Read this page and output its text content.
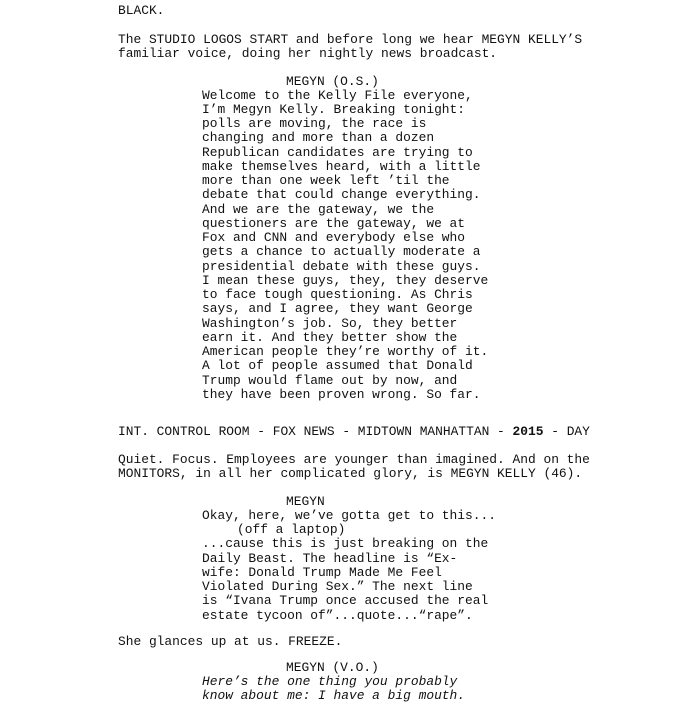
BLACK.
The STUDIO LOGOS START and before long we hear MEGYN KELLY’S
familiar voice, doing her nightly news broadcast.
MEGYN (O.S.)
Welcome to the Kelly File everyone,
I’m Megyn Kelly. Breaking tonight:
polls are moving, the race is
changing and more than a dozen
Republican candidates are trying to
make themselves heard, with a little
more than one week left ’til the
debate that could change everything.
And we are the gateway, we the
questioners are the gateway, we at
Fox and CNN and everybody else who
gets a chance to actually moderate a
presidential debate with these guys.
I mean these guys, they, they deserve
to face tough questioning. As Chris
says, and I agree, they want George
Washington’s job. So, they better
earn it. And they better show the
American people they’re worthy of it.
A lot of people assumed that Donald
Trump would flame out by now, and
they have been proven wrong. So far.
INT. CONTROL ROOM - FOX NEWS - MIDTOWN MANHATTAN - 2015 - DAY
Quiet. Focus. Employees are younger than imagined. And on the
MONITORS, in all her complicated glory, is MEGYN KELLY (46).
MEGYN
Okay, here, we’ve gotta get to this...
(off a laptop)
...cause this is just breaking on the
Daily Beast. The headline is “Ex-
wife: Donald Trump Made Me Feel
Violated During Sex.” The next line
is “Ivana Trump once accused the real
estate tycoon of”...quote...“rape”.
She glances up at us. FREEZE.
MEGYN (V.O.)
Here’s the one thing you probably
know about me: I have a big mouth.
